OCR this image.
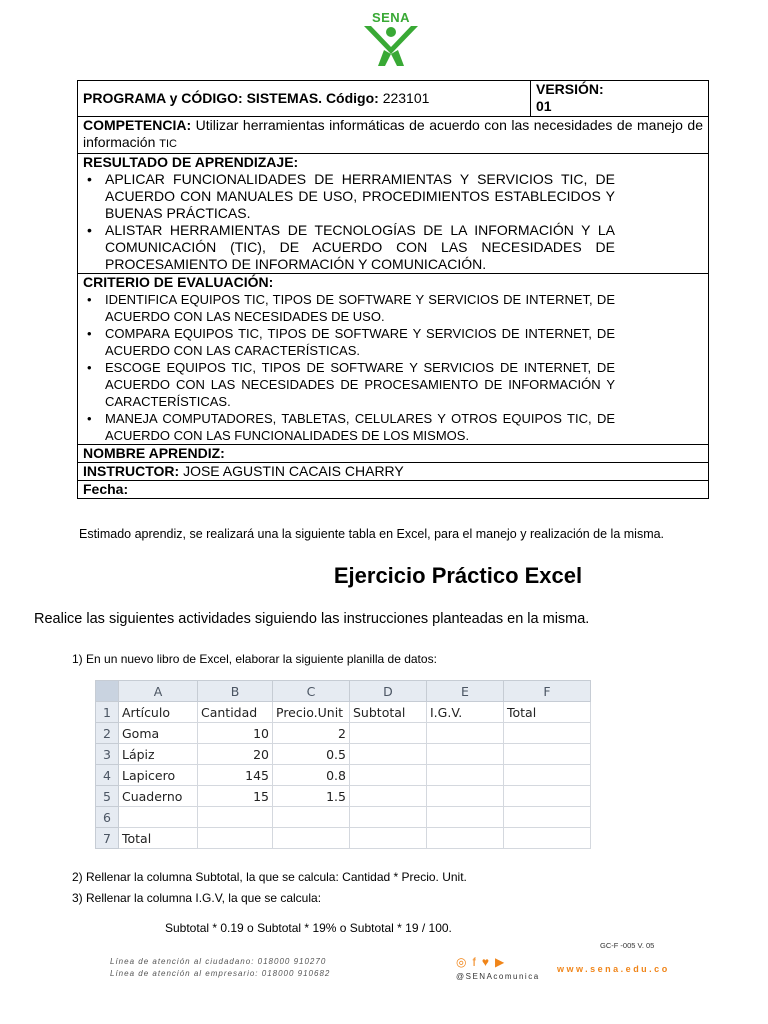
SENA
PROGRAMA y CÓDIGO: SISTEMAS. Código: 223101	
VERSIÓN:
01

COMPETENCIA: Utilizar herramientas informáticas de acuerdo con las necesidades de manejo de información TIC

RESULTADO DE APRENDIZAJE:
• APLICAR FUNCIONALIDADES DE HERRAMIENTAS Y SERVICIOS TIC, DE ACUERDO CON MANUALES DE USO, PROCEDIMIENTOS ESTABLECIDOS Y BUENAS PRÁCTICAS.
• ALISTAR HERRAMIENTAS DE TECNOLOGÍAS DE LA INFORMACIÓN Y LA COMUNICACIÓN (TIC), DE ACUERDO CON LAS NECESIDADES DE PROCESAMIENTO DE INFORMACIÓN Y COMUNICACIÓN.

CRITERIO DE EVALUACIÓN:
• IDENTIFICA EQUIPOS TIC, TIPOS DE SOFTWARE Y SERVICIOS DE INTERNET, DE ACUERDO CON LAS NECESIDADES DE USO.
• COMPARA EQUIPOS TIC, TIPOS DE SOFTWARE Y SERVICIOS DE INTERNET, DE ACUERDO CON LAS CARACTERÍSTICAS.
• ESCOGE EQUIPOS TIC, TIPOS DE SOFTWARE Y SERVICIOS DE INTERNET, DE ACUERDO CON LAS NECESIDADES DE PROCESAMIENTO DE INFORMACIÓN Y CARACTERÍSTICAS.
• MANEJA COMPUTADORES, TABLETAS, CELULARES Y OTROS EQUIPOS TIC, DE ACUERDO CON LAS FUNCIONALIDADES DE LOS MISMOS.

NOMBRE APRENDIZ:
INSTRUCTOR: JOSE AGUSTIN CACAIS CHARRY
Fecha:
Estimado aprendiz, se realizará una la siguiente tabla en Excel, para el manejo y realización de la misma.
Ejercicio Práctico Excel
Realice las siguientes actividades siguiendo las instrucciones planteadas en la misma.
1) En un nuevo libro de Excel, elaborar la siguiente planilla de datos:
	A	B	C	D	E	F
1	Artículo	Cantidad	Precio.Unit	Subtotal	I.G.V.	Total
2	Goma	10	2			
3	Lápiz	20	0.5			
4	Lapicero	145	0.8			
5	Cuaderno	15	1.5			
6						
7	Total					
2) Rellenar la columna Subtotal, la que se calcula: Cantidad * Precio. Unit.
3) Rellenar la columna I.G.V, la que se calcula:
Subtotal * 0.19 o Subtotal * 19% o Subtotal * 19 / 100.
GC-F -005 V. 05
Línea de atención al ciudadano: 018000 910270
Línea de atención al empresario: 018000 910682
◎f♥▶
@SENAcomunica
www.sena.edu.co
